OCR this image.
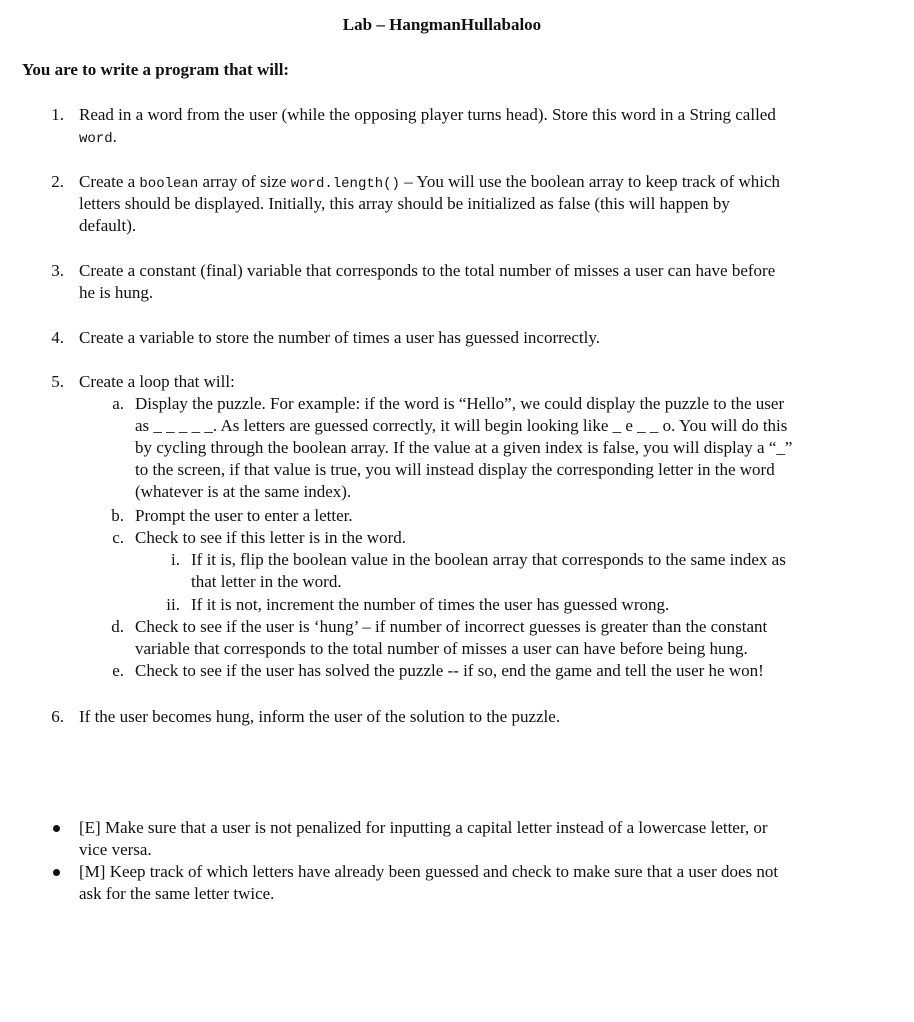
Lab – HangmanHullabaloo
You are to write a program that will:
1. Read in a word from the user (while the opposing player turns head). Store this word in a String called
word.
2. Create a boolean array of size word.length() – You will use the boolean array to keep track of which
letters should be displayed. Initially, this array should be initialized as false (this will happen by
default).
3. Create a constant (final) variable that corresponds to the total number of misses a user can have before
he is hung.
4. Create a variable to store the number of times a user has guessed incorrectly.
5. Create a loop that will:
a. Display the puzzle. For example: if the word is “Hello”, we could display the puzzle to the user
as _ _ _ _ _. As letters are guessed correctly, it will begin looking like _ e _ _ o. You will do this
by cycling through the boolean array. If the value at a given index is false, you will display a “_”
to the screen, if that value is true, you will instead display the corresponding letter in the word
(whatever is at the same index).
b. Prompt the user to enter a letter.
c. Check to see if this letter is in the word.
i. If it is, flip the boolean value in the boolean array that corresponds to the same index as
that letter in the word.
ii. If it is not, increment the number of times the user has guessed wrong.
d. Check to see if the user is ‘hung’ – if number of incorrect guesses is greater than the constant
variable that corresponds to the total number of misses a user can have before being hung.
e. Check to see if the user has solved the puzzle -- if so, end the game and tell the user he won!
6. If the user becomes hung, inform the user of the solution to the puzzle.
[E] Make sure that a user is not penalized for inputting a capital letter instead of a lowercase letter, or
vice versa.
[M] Keep track of which letters have already been guessed and check to make sure that a user does not
ask for the same letter twice.
